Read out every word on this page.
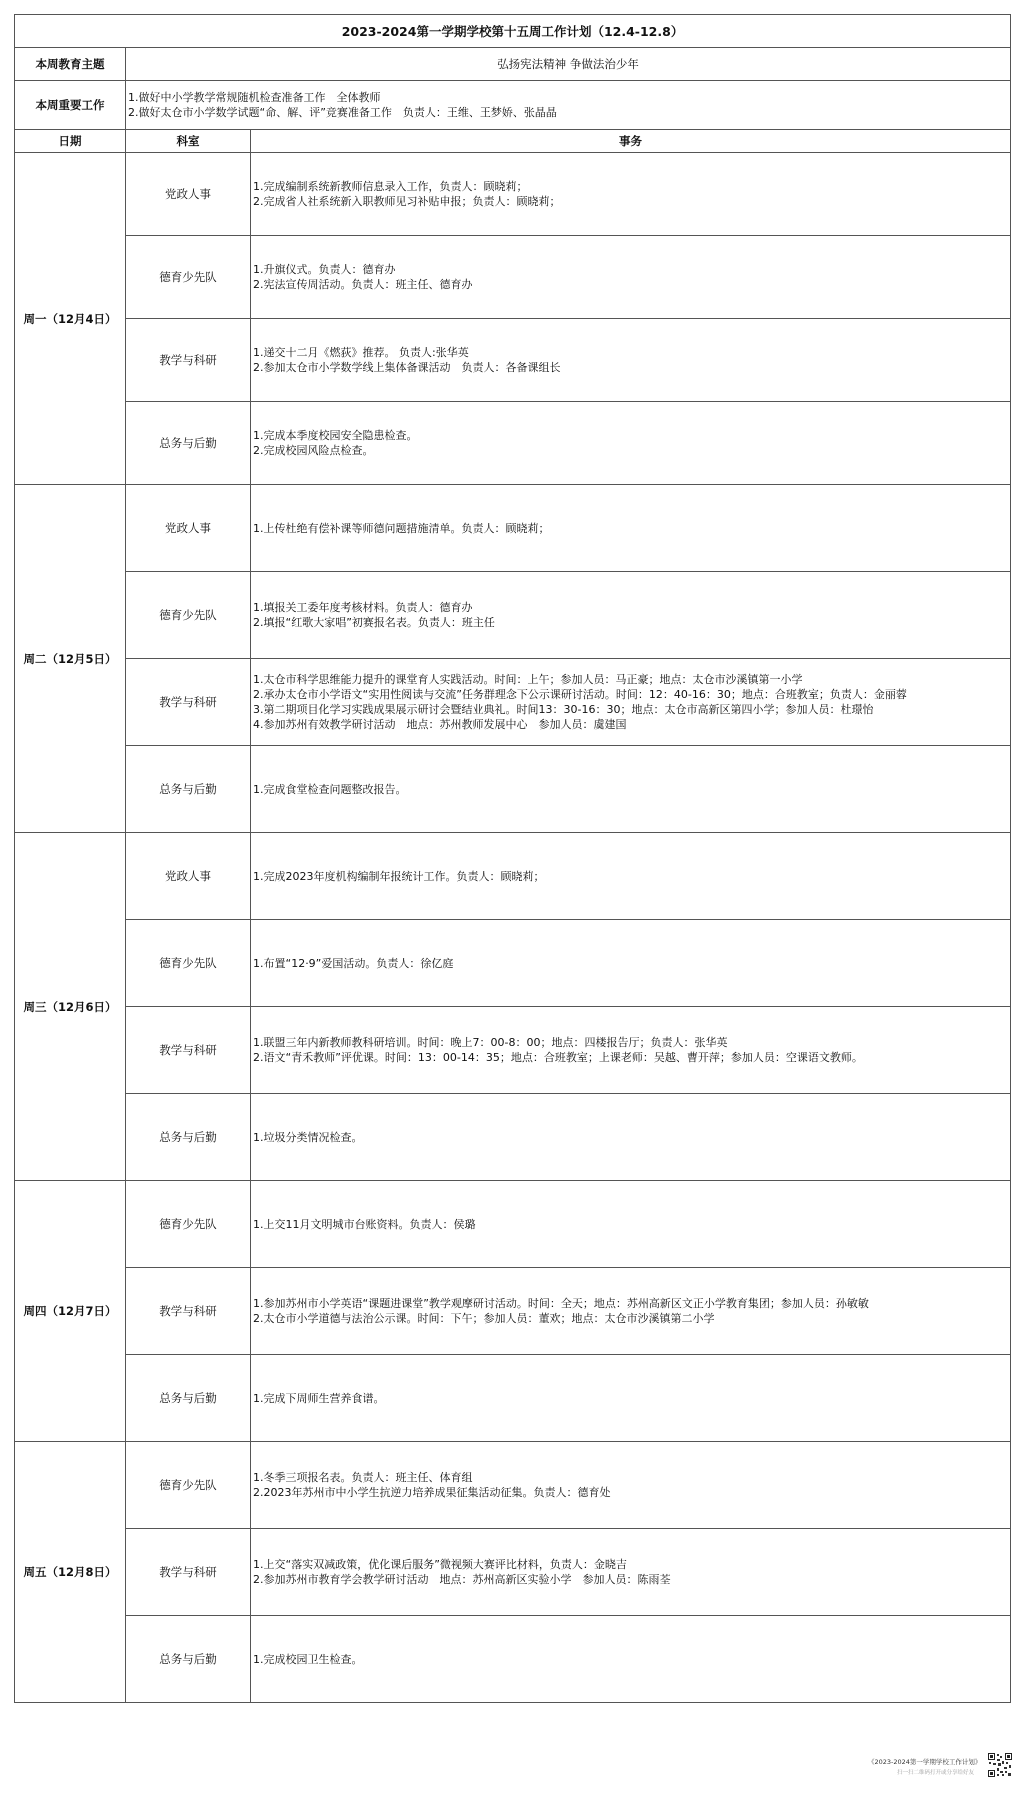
2023-2024第一学期学校第十五周工作计划（12.4-12.8）		
本周教育主题	弘扬宪法精神 争做法治少年	
本周重要工作	1.做好中小学教学常规随机检查准备工作　全体教师
2.做好太仓市小学数学试题“命、解、评”竞赛准备工作　负责人：王维、王梦娇、张晶晶	

日期	科室	事务
周一（12月4日）	党政人事	1.完成编制系统新教师信息录入工作，负责人：顾晓莉；
2.完成省人社系统新入职教师见习补贴申报；负责人：顾晓莉；

	德育少先队	1.升旗仪式。负责人：德育办
2.宪法宣传周活动。负责人：班主任、德育办

	教学与科研	1.递交十二月《燃荻》推荐。 负责人:张华英
2.参加太仓市小学数学线上集体备课活动　负责人：各备课组长

	总务与后勤	1.完成本季度校园安全隐患检查。
2.完成校园风险点检查。

周二（12月5日）	党政人事	1.上传杜绝有偿补课等师德问题措施清单。负责人：顾晓莉；

	德育少先队	1.填报关工委年度考核材料。负责人：德育办
2.填报“红歌大家唱”初赛报名表。负责人：班主任

	教学与科研	1.太仓市科学思维能力提升的课堂育人实践活动。时间：上午；参加人员：马正豪；地点：太仓市沙溪镇第一小学
2.承办太仓市小学语文“实用性阅读与交流”任务群理念下公示课研讨活动。时间：12：40-16：30；地点：合班教室；负责人：金丽蓉
3.第二期项目化学习实践成果展示研讨会暨结业典礼。时间13：30-16：30；地点：太仓市高新区第四小学；参加人员：杜璟怡
4.参加苏州有效教学研讨活动　地点：苏州教师发展中心　参加人员：虞建国

	总务与后勤	1.完成食堂检查问题整改报告。

周三（12月6日）	党政人事	1.完成2023年度机构编制年报统计工作。负责人：顾晓莉；

	德育少先队	1.布置“12·9”爱国活动。负责人：徐亿庭

	教学与科研	1.联盟三年内新教师教科研培训。时间：晚上7：00-8：00；地点：四楼报告厅；负责人：张华英
2.语文“青禾教师”评优课。时间：13：00-14：35；地点：合班教室；上课老师：吴越、曹开萍；参加人员：空课语文教师。

	总务与后勤	1.垃圾分类情况检查。

周四（12月7日）	德育少先队	1.上交11月文明城市台账资料。负责人：侯璐

	教学与科研	1.参加苏州市小学英语“课题进课堂”教学观摩研讨活动。时间：全天；地点：苏州高新区文正小学教育集团；参加人员：孙敏敏
2.太仓市小学道德与法治公示课。时间：下午；参加人员：董欢；地点：太仓市沙溪镇第二小学

	总务与后勤	1.完成下周师生营养食谱。

周五（12月8日）	德育少先队	1.冬季三项报名表。负责人：班主任、体育组
2.2023年苏州市中小学生抗逆力培养成果征集活动征集。负责人：德育处

	教学与科研	1.上交“落实双减政策，优化课后服务”微视频大赛评比材料，负责人：金晓吉
2.参加苏州市教育学会教学研讨活动　地点：苏州高新区实验小学　参加人员：陈雨荃

	总务与后勤	1.完成校园卫生检查。
《2023-2024第一学期学校工作计划》
扫一扫二维码打开或分享给好友
